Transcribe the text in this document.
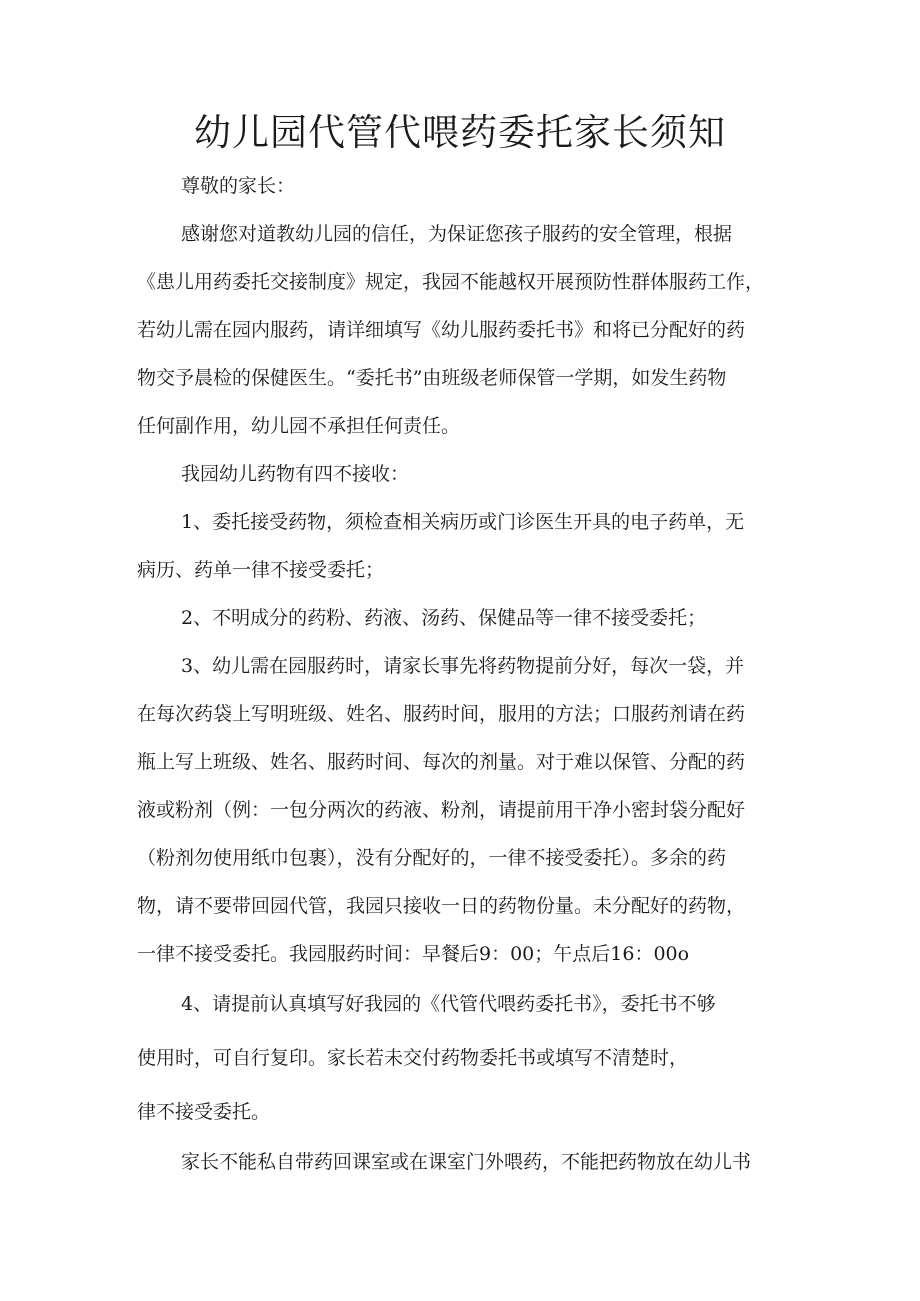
幼儿园代管代喂药委托家长须知

尊敬的家长：

感谢您对道教幼儿园的信任，为保证您孩子服药的安全管理，根据

《患儿用药委托交接制度》规定，我园不能越权开展预防性群体服药工作，

若幼儿需在园内服药，请详细填写《幼儿服药委托书》和将已分配好的药

物交予晨检的保健医生。“委托书”由班级老师保管一学期，如发生药物

任何副作用，幼儿园不承担任何责任。

我园幼儿药物有四不接收：

1、委托接受药物，须检查相关病历或门诊医生开具的电子药单，无

病历、药单一律不接受委托；

2、不明成分的药粉、药液、汤药、保健品等一律不接受委托；

3、幼儿需在园服药时，请家长事先将药物提前分好，每次一袋，并

在每次药袋上写明班级、姓名、服药时间，服用的方法；口服药剂请在药

瓶上写上班级、姓名、服药时间、每次的剂量。对于难以保管、分配的药

液或粉剂（例：一包分两次的药液、粉剂，请提前用干净小密封袋分配好

（粉剂勿使用纸巾包裹），没有分配好的，一律不接受委托）。多余的药

物，请不要带回园代管，我园只接收一日的药物份量。未分配好的药物，

一律不接受委托。我园服药时间：早餐后9：00；午点后16：00o

4、请提前认真填写好我园的《代管代喂药委托书》，委托书不够

使用时，可自行复印。家长若未交付药物委托书或填写不清楚时，

律不接受委托。

家长不能私自带药回课室或在课室门外喂药，不能把药物放在幼儿书
